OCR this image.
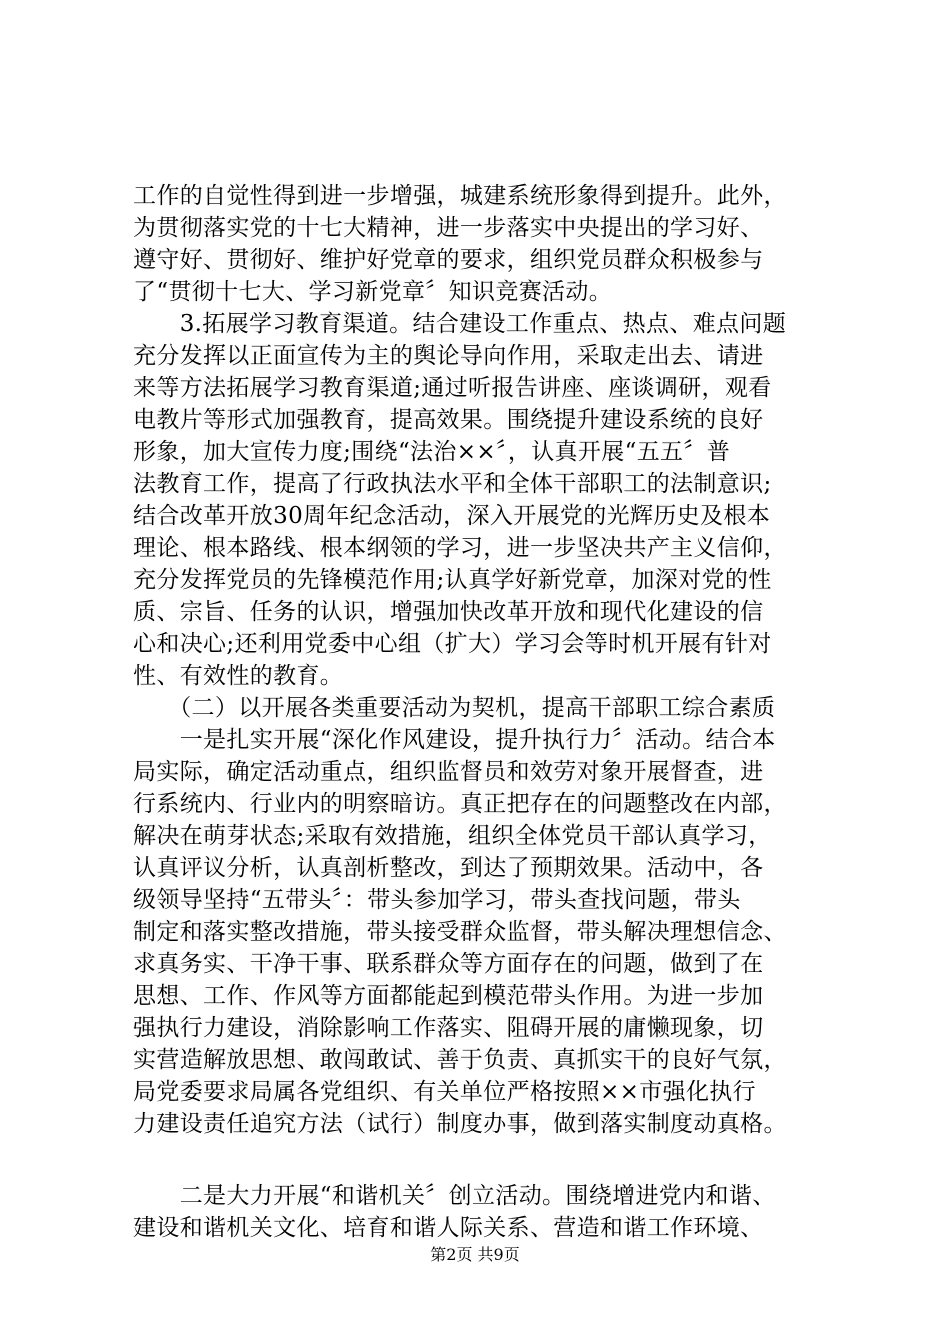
工作的自觉性得到进一步增强，城建系统形象得到提升。此外，
为贯彻落实党的十七大精神，进一步落实中央提出的学习好、
遵守好、贯彻好、维护好党章的要求，组织党员群众积极参与
了“贯彻十七大、学习新党章〞知识竞赛活动。
　　3.拓展学习教育渠道。结合建设工作重点、热点、难点问题
充分发挥以正面宣传为主的舆论导向作用，采取走出去、请进
来等方法拓展学习教育渠道;通过听报告讲座、座谈调研，观看
电教片等形式加强教育，提高效果。围绕提升建设系统的良好
形象，加大宣传力度;围绕“法治××〞，认真开展“五五〞普
法教育工作，提高了行政执法水平和全体干部职工的法制意识;
结合改革开放30周年纪念活动，深入开展党的光辉历史及根本
理论、根本路线、根本纲领的学习，进一步坚决共产主义信仰，
充分发挥党员的先锋模范作用;认真学好新党章，加深对党的性
质、宗旨、任务的认识，增强加快改革开放和现代化建设的信
心和决心;还利用党委中心组（扩大）学习会等时机开展有针对
性、有效性的教育。
　　（二）以开展各类重要活动为契机，提高干部职工综合素质
　　一是扎实开展“深化作风建设，提升执行力〞活动。结合本
局实际，确定活动重点，组织监督员和效劳对象开展督查，进
行系统内、行业内的明察暗访。真正把存在的问题整改在内部，
解决在萌芽状态;采取有效措施，组织全体党员干部认真学习，
认真评议分析，认真剖析整改，到达了预期效果。活动中，各
级领导坚持“五带头〞：带头参加学习，带头查找问题，带头
制定和落实整改措施，带头接受群众监督，带头解决理想信念、
求真务实、干净干事、联系群众等方面存在的问题，做到了在
思想、工作、作风等方面都能起到模范带头作用。为进一步加
强执行力建设，消除影响工作落实、阻碍开展的庸懒现象，切
实营造解放思想、敢闯敢试、善于负责、真抓实干的良好气氛，
局党委要求局属各党组织、有关单位严格按照××市强化执行
力建设责任追究方法（试行）制度办事，做到落实制度动真格。
　　二是大力开展“和谐机关〞创立活动。围绕增进党内和谐、
建设和谐机关文化、培育和谐人际关系、营造和谐工作环境、
第2页 共9页
